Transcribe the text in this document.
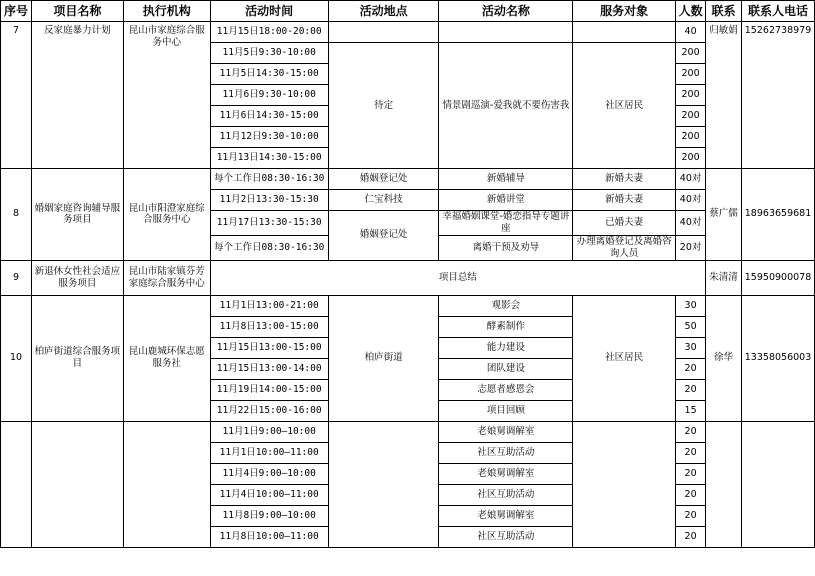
序号	项目名称	执行机构	活动时间	活动地点	活动名称	服务对象	人数	联系	联系人电话
7	反家庭暴力计划	昆山市家庭综合服务中心	11月15日18:00-20:00				40	归敏娟	15262738979
			11月5日9:30-10:00	待定	情景剧巡演-爱我就不要伤害我	社区居民	200		
			11月5日14:30-15:00				200		
			11月6日9:30-10:00				200		
			11月6日14:30-15:00				200		
			11月12日9:30-10:00				200		
			11月13日14:30-15:00				200		
8	婚姻家庭咨询辅导服务项目	昆山市阳澄家庭综合服务中心	每个工作日08:30-16:30	婚姻登记处	新婚辅导	新婚夫妻	40对	蔡广儒	18963659681
			11月2日13:30-15:30	仁宝科技	新婚讲堂	新婚夫妻	40对		
			11月17日13:30-15:30	婚姻登记处	幸福婚姻课堂-婚恋指导专题讲座	已婚夫妻	40对		
			每个工作日08:30-16:30		离婚干预及劝导	办理离婚登记及离婚咨询人员	20对		

9	新退休女性社会适应服务项目	昆山市陆家镇芬芳家庭综合服务中心	项目总结					朱清清	15950900078
10	柏庐街道综合服务项目	昆山鹿城环保志愿服务社	11月1日13:00-21:00	柏庐街道	观影会	社区居民	30	徐华	13358056003
			11月8日13:00-15:00		酵素制作		50		
			11月15日13:00-15:00		能力建设		30		
			11月15日13:00-14:00		团队建设		20		
			11月19日14:00-15:00		志愿者感恩会		20		
			11月22日15:00-16:00		项目回顾		15		
			11月1日9:00—10:00		老娘舅调解室		20		
			11月1日10:00—11:00		社区互助活动		20		
			11月4日9:00—10:00		老娘舅调解室		20		
			11月4日10:00—11:00		社区互助活动		20		
			11月8日9:00—10:00		老娘舅调解室		20		
			11月8日10:00—11:00		社区互助活动		20		
